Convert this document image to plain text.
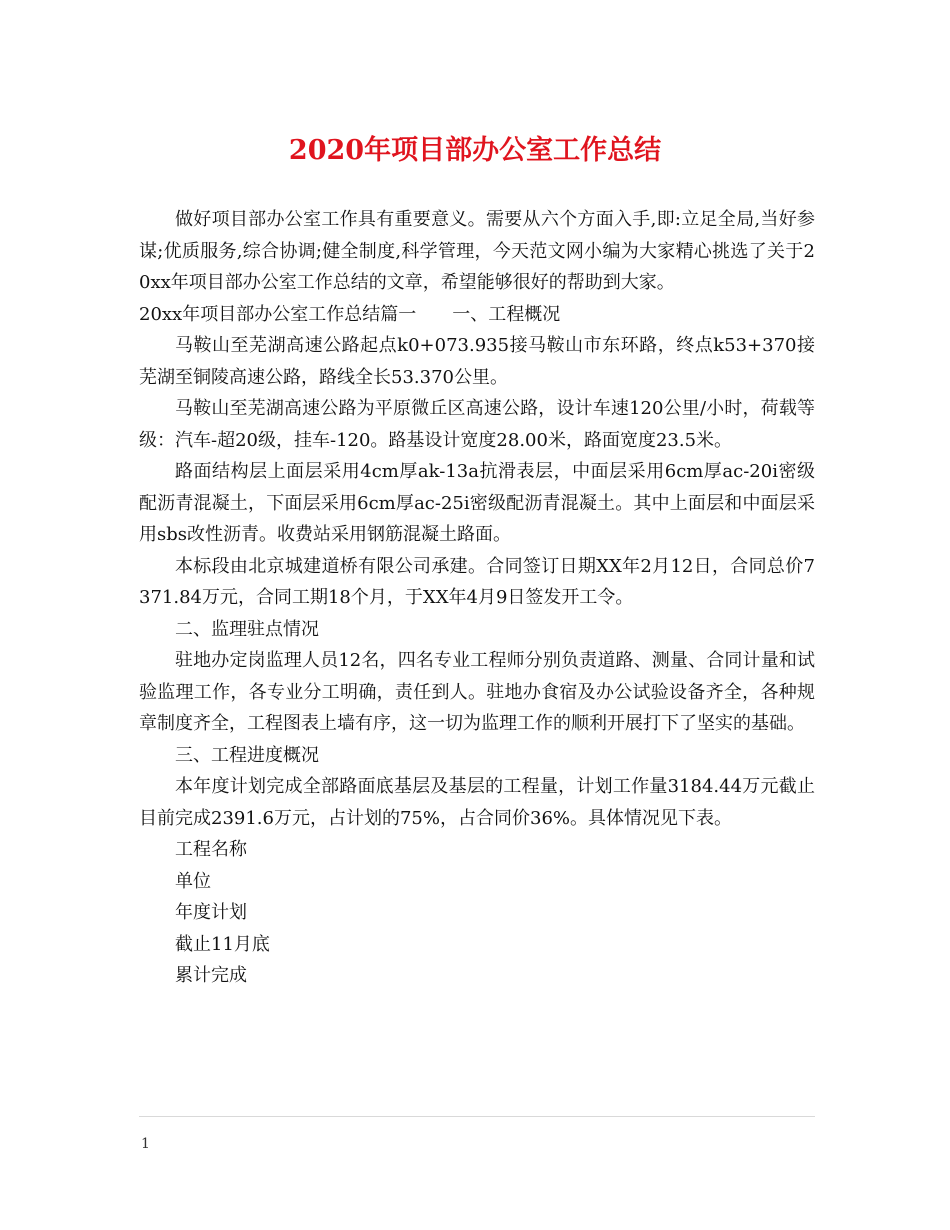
2020年项目部办公室工作总结

做好项目部办公室工作具有重要意义。需要从六个方面入手,即:立足全局,当好参谋;优质服务,综合协调;健全制度,科学管理，今天范文网小编为大家精心挑选了关于20xx年项目部办公室工作总结的文章，希望能够很好的帮助到大家。

20xx年项目部办公室工作总结篇一　　一、工程概况

马鞍山至芜湖高速公路起点k0+073.935接马鞍山市东环路，终点k53+370接芜湖至铜陵高速公路，路线全长53.370公里。

马鞍山至芜湖高速公路为平原微丘区高速公路，设计车速120公里/小时，荷载等级：汽车-超20级，挂车-120。路基设计宽度28.00米，路面宽度23.5米。

路面结构层上面层采用4cm厚ak-13a抗滑表层，中面层采用6cm厚ac-20i密级配沥青混凝土，下面层采用6cm厚ac-25i密级配沥青混凝土。其中上面层和中面层采用sbs改性沥青。收费站采用钢筋混凝土路面。

本标段由北京城建道桥有限公司承建。合同签订日期XX年2月12日，合同总价7371.84万元，合同工期18个月，于XX年4月9日签发开工令。

二、监理驻点情况

驻地办定岗监理人员12名，四名专业工程师分别负责道路、测量、合同计量和试验监理工作，各专业分工明确，责任到人。驻地办食宿及办公试验设备齐全，各种规章制度齐全，工程图表上墙有序，这一切为监理工作的顺利开展打下了坚实的基础。

三、工程进度概况

本年度计划完成全部路面底基层及基层的工程量，计划工作量3184.44万元截止目前完成2391.6万元，占计划的75%，占合同价36%。具体情况见下表。

工程名称

单位

年度计划

截止11月底

累计完成

1
